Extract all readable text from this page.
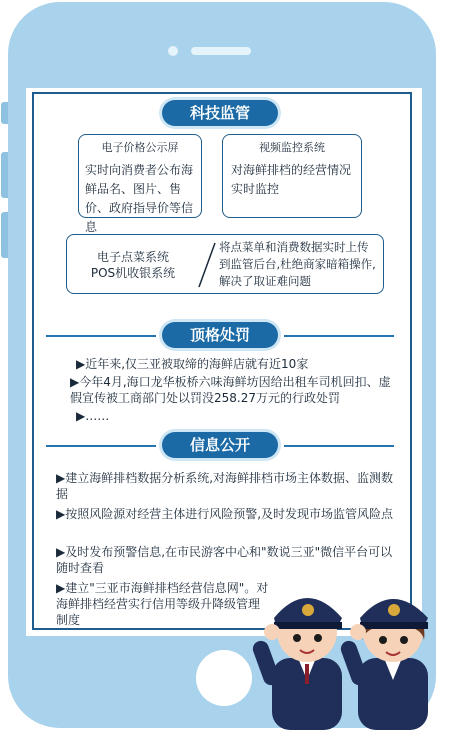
科技监管
电子价格公示屏
实时向消费者公布海鲜品名、图片、售价、政府指导价等信息
视频监控系统
对海鲜排档的经营情况实时监控
电子点菜系统
POS机收银系统
将点菜单和消费数据实时上传到监管后台,杜绝商家暗箱操作,解决了取证难问题
顶格处罚
▶近年来,仅三亚被取缔的海鲜店就有近10家
▶今年4月,海口龙华板桥六味海鲜坊因给出租车司机回扣、虚假宣传被工商部门处以罚没258.27万元的行政处罚
▶……
信息公开
▶建立海鲜排档数据分析系统,对海鲜排档市场主体数据、监测数据
▶按照风险源对经营主体进行风险预警,及时发现市场监管风险点
▶及时发布预警信息,在市民游客中心和"数说三亚"微信平台可以随时查看
▶建立"三亚市海鲜排档经营信息网"。对海鲜排档经营实行信用等级升降级管理制度
